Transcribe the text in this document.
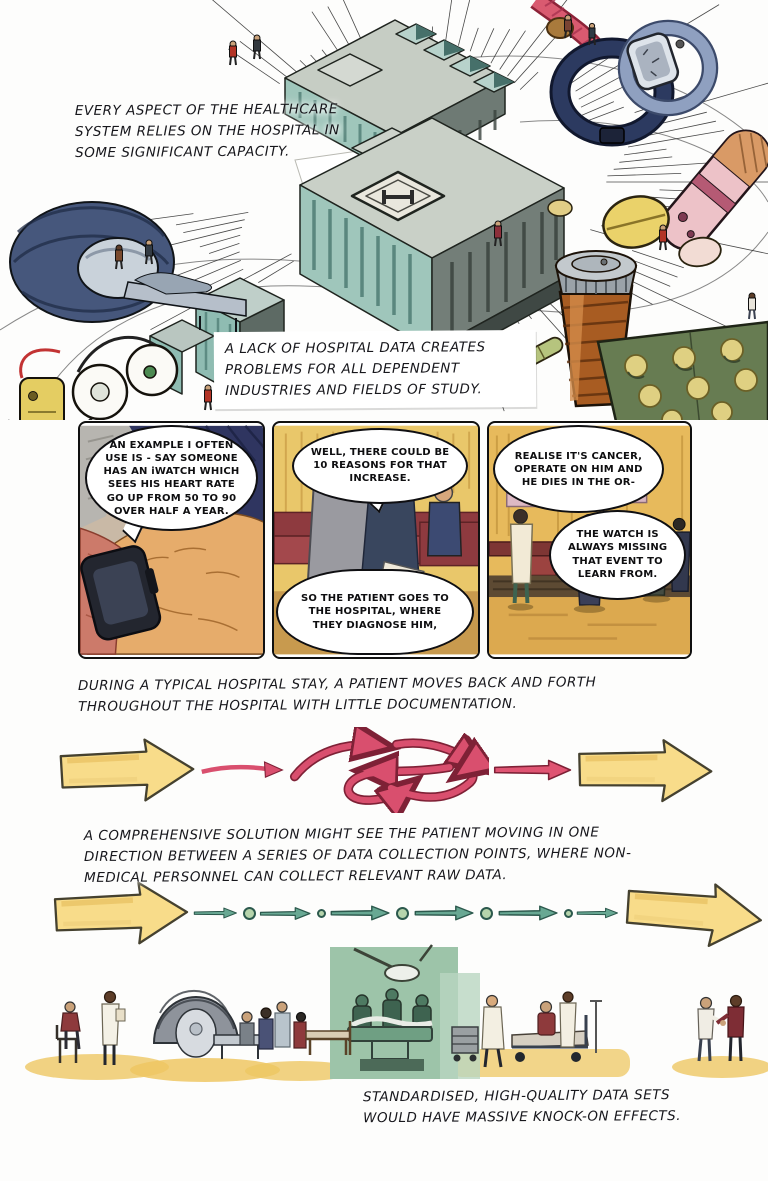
EVERY ASPECT OF THE HEALTHCARE SYSTEM RELIES ON THE HOSPITAL IN SOME SIGNIFICANT CAPACITY.
A LACK OF HOSPITAL DATA CREATES PROBLEMS FOR ALL DEPENDENT INDUSTRIES AND FIELDS OF STUDY.
AN EXAMPLE I OFTEN USE IS - SAY SOMEONE HAS AN iWATCH WHICH SEES HIS HEART RATE GO UP FROM 50 TO 90 OVER HALF A YEAR.
WELL, THERE COULD BE 10 REASONS FOR THAT INCREASE.
SO THE PATIENT GOES TO THE HOSPITAL, WHERE THEY DIAGNOSE HIM,
REALISE IT'S CANCER, OPERATE ON HIM AND HE DIES IN THE OR-
THE WATCH IS ALWAYS MISSING THAT EVENT TO LEARN FROM.
DURING A TYPICAL HOSPITAL STAY, A PATIENT MOVES BACK AND FORTH THROUGHOUT THE HOSPITAL WITH LITTLE DOCUMENTATION.
A COMPREHENSIVE SOLUTION MIGHT SEE THE PATIENT MOVING IN ONE DIRECTION BETWEEN A SERIES OF DATA COLLECTION POINTS, WHERE NON-MEDICAL PERSONNEL CAN COLLECT RELEVANT RAW DATA.
STANDARDISED, HIGH-QUALITY DATA SETS WOULD HAVE MASSIVE KNOCK-ON EFFECTS.
